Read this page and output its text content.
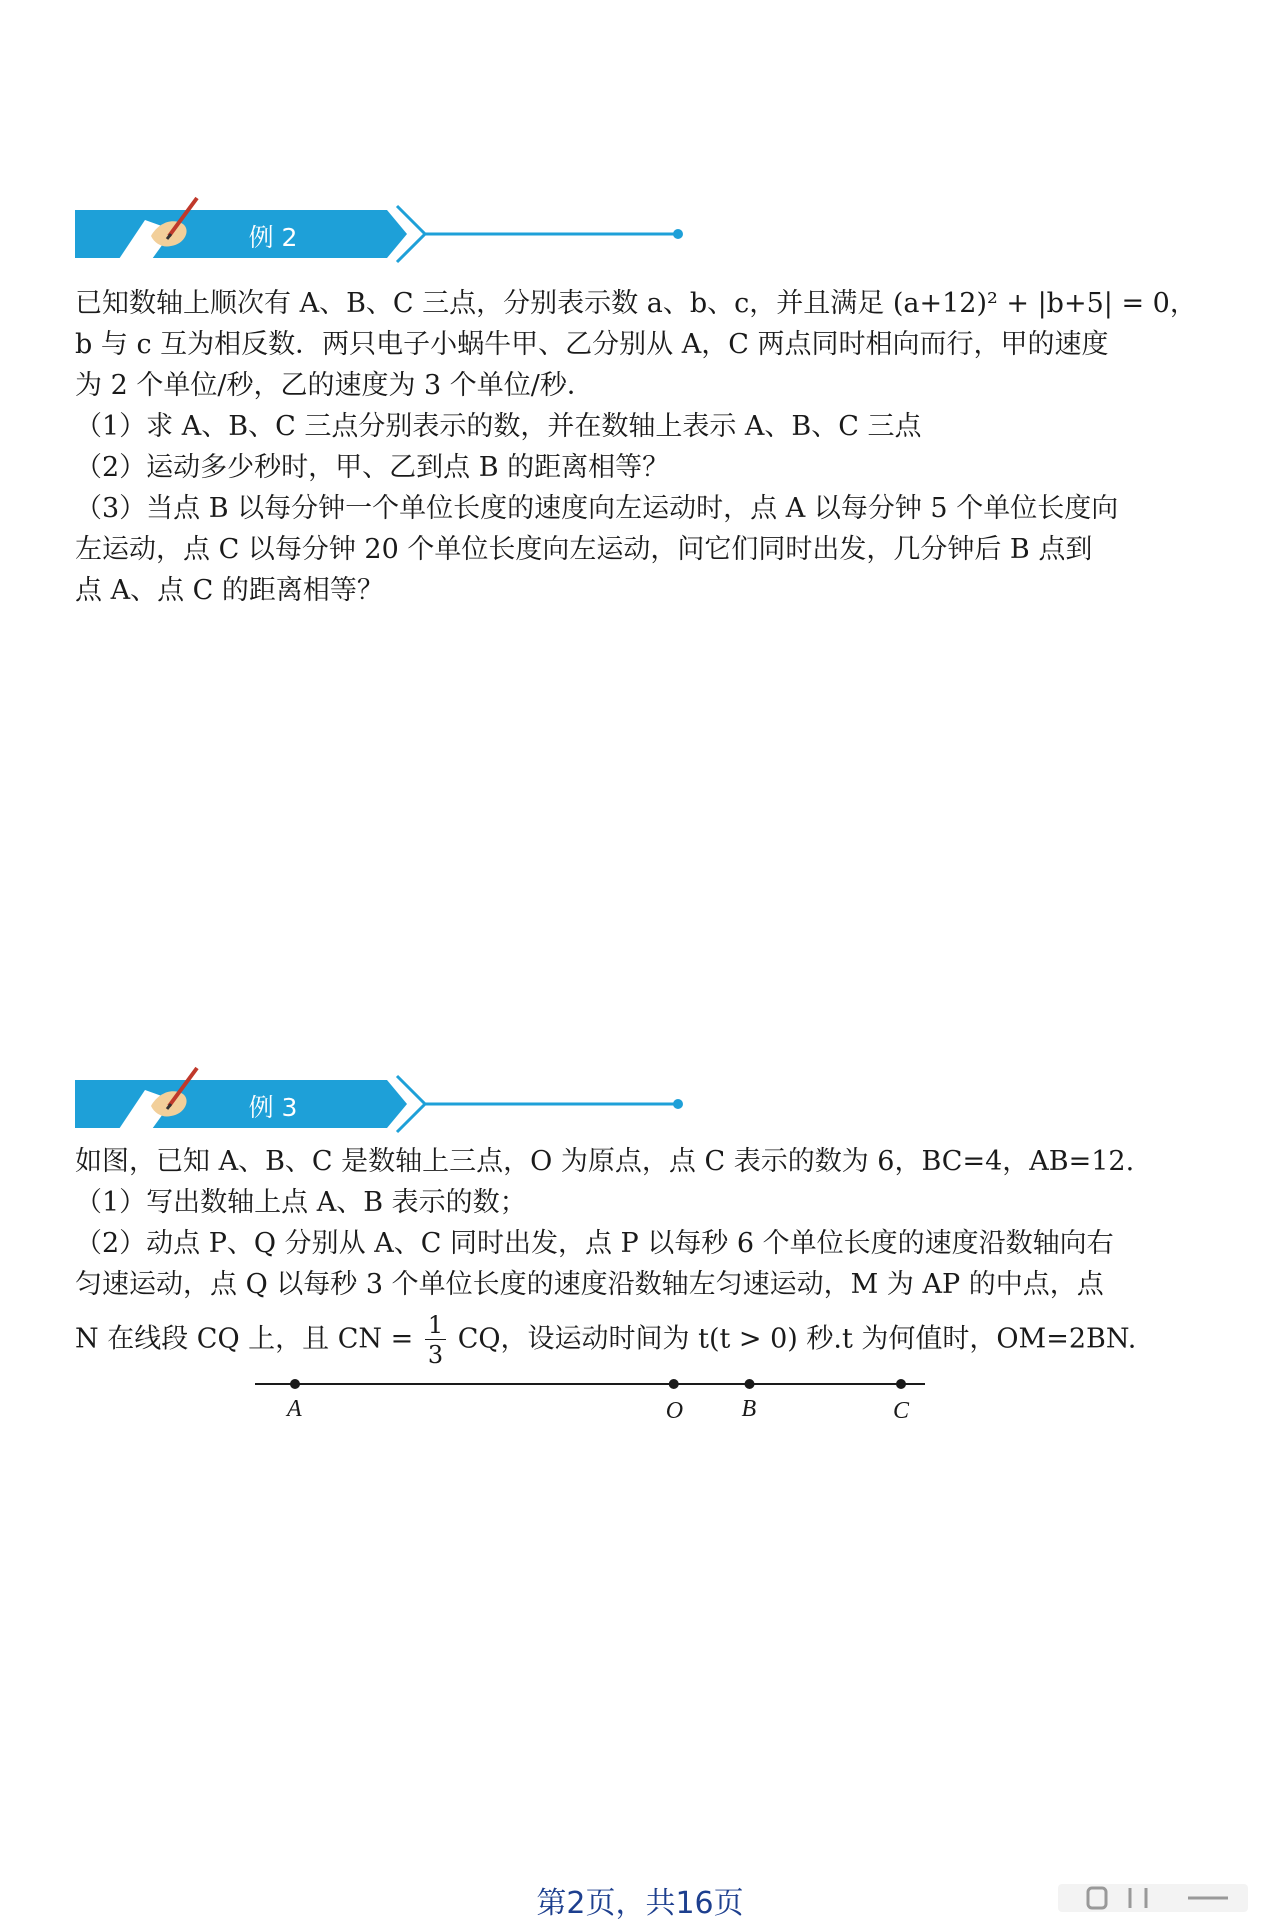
例 2

已知数轴上顺次有 A、B、C 三点，分别表示数 a、b、c，并且满足 (a+12)² + |b+5| = 0，

b 与 c 互为相反数．两只电子小蜗牛甲、乙分别从 A，C 两点同时相向而行，甲的速度

为 2 个单位/秒，乙的速度为 3 个单位/秒．

（1）求 A、B、C 三点分别表示的数，并在数轴上表示 A、B、C 三点

（2）运动多少秒时，甲、乙到点 B 的距离相等？

（3）当点 B 以每分钟一个单位长度的速度向左运动时，点 A 以每分钟 5 个单位长度向

左运动，点 C 以每分钟 20 个单位长度向左运动，问它们同时出发，几分钟后 B 点到

点 A、点 C 的距离相等？

例 3

如图，已知 A、B、C 是数轴上三点，O 为原点，点 C 表示的数为 6，BC=4，AB=12.

（1）写出数轴上点 A、B 表示的数；

（2）动点 P、Q 分别从 A、C 同时出发，点 P 以每秒 6 个单位长度的速度沿数轴向右

匀速运动，点 Q 以每秒 3 个单位长度的速度沿数轴左匀速运动，M 为 AP 的中点，点

N 在线段 CQ 上，且 CN = $\frac{1}{3}$ CQ，设运动时间为 t(t > 0) 秒.t 为何值时，OM=2BN.

A	O B	C
第2页，共16页
